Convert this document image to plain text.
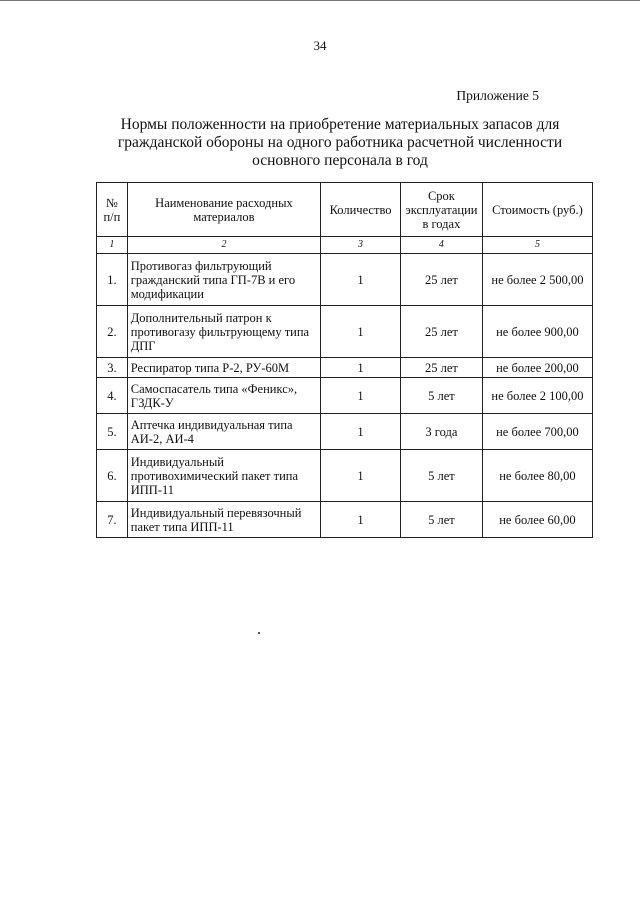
34
Приложение 5
Нормы положенности на приобретение материальных запасов для гражданской обороны на одного работника расчетной численности основного персонала в год
№ п/п	Наименование расходных материалов	Количество	Срок эксплуатации в годах	Стоимость (руб.)
1	2	3	4	5
1.	Противогаз фильтрующий гражданский типа ГП-7В и его модификации	1	25 лет	не более 2 500,00
2.	Дополнительный патрон к противогазу фильтрующему типа ДПГ	1	25 лет	не более 900,00
3.	Респиратор типа Р-2, РУ-60М	1	25 лет	не более 200,00
4.	Самоспасатель типа «Феникс», ГЗДК-У	1	5 лет	не более 2 100,00
5.	Аптечка индивидуальная типа АИ-2, АИ-4	1	3 года	не более 700,00
6.	Индивидуальный противохимический пакет типа ИПП-11	1	5 лет	не более 80,00
7.	Индивидуальный перевязочный пакет типа ИПП-11	1	5 лет	не более 60,00
